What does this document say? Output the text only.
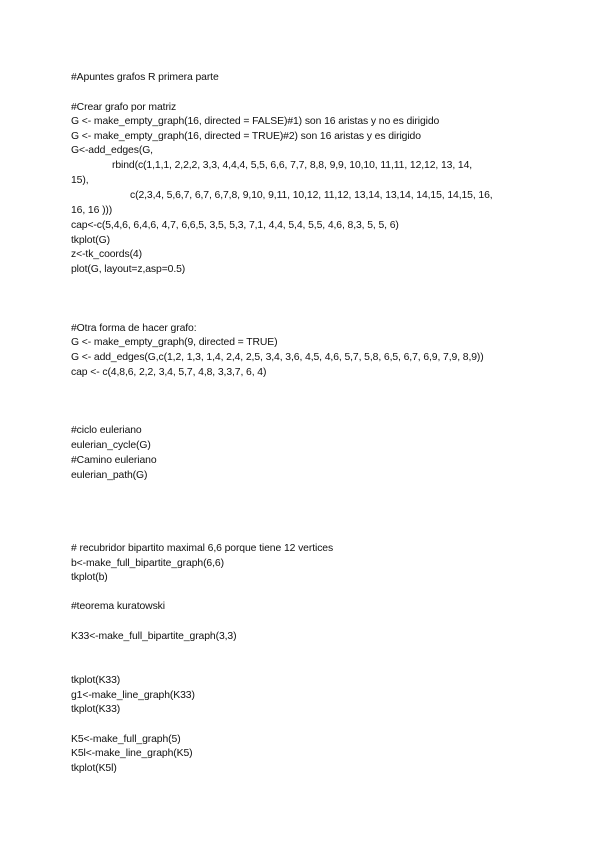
#Apuntes grafos R primera parte
#Crear grafo por matriz
G <- make_empty_graph(16, directed = FALSE)#1) son 16 aristas y no es dirigido
G <- make_empty_graph(16, directed = TRUE)#2) son 16 aristas y es dirigido
G<-add_edges(G,
rbind(c(1,1,1, 2,2,2, 3,3, 4,4,4, 5,5, 6,6, 7,7, 8,8, 9,9, 10,10, 11,11, 12,12, 13, 14,
15),
c(2,3,4, 5,6,7, 6,7, 6,7,8, 9,10, 9,11, 10,12, 11,12, 13,14, 13,14, 14,15, 14,15, 16,
16, 16 )))
cap<-c(5,4,6, 6,4,6, 4,7, 6,6,5, 3,5, 5,3, 7,1, 4,4, 5,4, 5,5, 4,6, 8,3, 5, 5, 6)
tkplot(G)
z<-tk_coords(4)
plot(G, layout=z,asp=0.5)
#Otra forma de hacer grafo:
G <- make_empty_graph(9, directed = TRUE)
G <- add_edges(G,c(1,2, 1,3, 1,4, 2,4, 2,5, 3,4, 3,6, 4,5, 4,6, 5,7, 5,8, 6,5, 6,7, 6,9, 7,9, 8,9))
cap <- c(4,8,6, 2,2, 3,4, 5,7, 4,8, 3,3,7, 6, 4)
#ciclo euleriano
eulerian_cycle(G)
#Camino euleriano
eulerian_path(G)
# recubridor bipartito maximal 6,6 porque tiene 12 vertices
b<-make_full_bipartite_graph(6,6)
tkplot(b)
#teorema kuratowski
K33<-make_full_bipartite_graph(3,3)
tkplot(K33)
g1<-make_line_graph(K33)
tkplot(K33)
K5<-make_full_graph(5)
K5l<-make_line_graph(K5)
tkplot(K5l)
